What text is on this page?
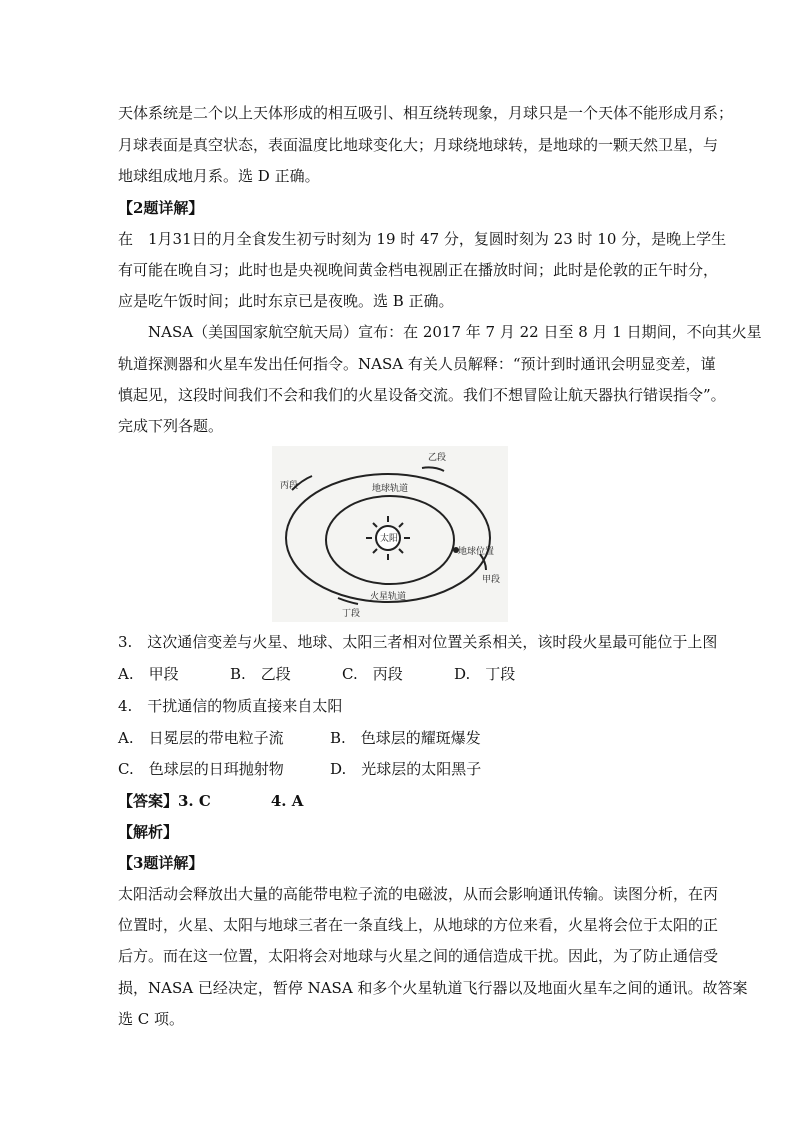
天体系统是二个以上天体形成的相互吸引、相互绕转现象，月球只是一个天体不能形成月系；
月球表面是真空状态，表面温度比地球变化大；月球绕地球转，是地球的一颗天然卫星，与
地球组成地月系。选 D 正确。
【2题详解】
在　1月31日的月全食发生初亏时刻为 19 时 47 分，复圆时刻为 23 时 10 分，是晚上学生
有可能在晚自习；此时也是央视晚间黄金档电视剧正在播放时间；此时是伦敦的正午时分，
应是吃午饭时间；此时东京已是夜晚。选 B 正确。
NASA（美国国家航空航天局）宣布：在 2017 年 7 月 22 日至 8 月 1 日期间，不向其火星
轨道探测器和火星车发出任何指令。NASA 有关人员解释：“预计到时通讯会明显变差，谨
慎起见，这段时间我们不会和我们的火星设备交流。我们不想冒险让航天器执行错误指令”。
完成下列各题。
太阳
地球位置
乙段
丙段
甲段
丁段
地球轨道
火星轨道
3.　这次通信变差与火星、地球、太阳三者相对位置关系相关，该时段火星最可能位于上图
A.　甲段	B.　乙段	C.　丙段	D.　丁段
4.　干扰通信的物质直接来自太阳
A.　日冕层的带电粒子流	B.　色球层的耀斑爆发
C.　色球层的日珥抛射物	D.　光球层的太阳黑子
【答案】3. C　　　　4. A
【解析】
【3题详解】
太阳活动会释放出大量的高能带电粒子流的电磁波，从而会影响通讯传输。读图分析，在丙
位置时，火星、太阳与地球三者在一条直线上，从地球的方位来看，火星将会位于太阳的正
后方。而在这一位置，太阳将会对地球与火星之间的通信造成干扰。因此，为了防止通信受
损，NASA 已经决定，暂停 NASA 和多个火星轨道飞行器以及地面火星车之间的通讯。故答案
选 C 项。
